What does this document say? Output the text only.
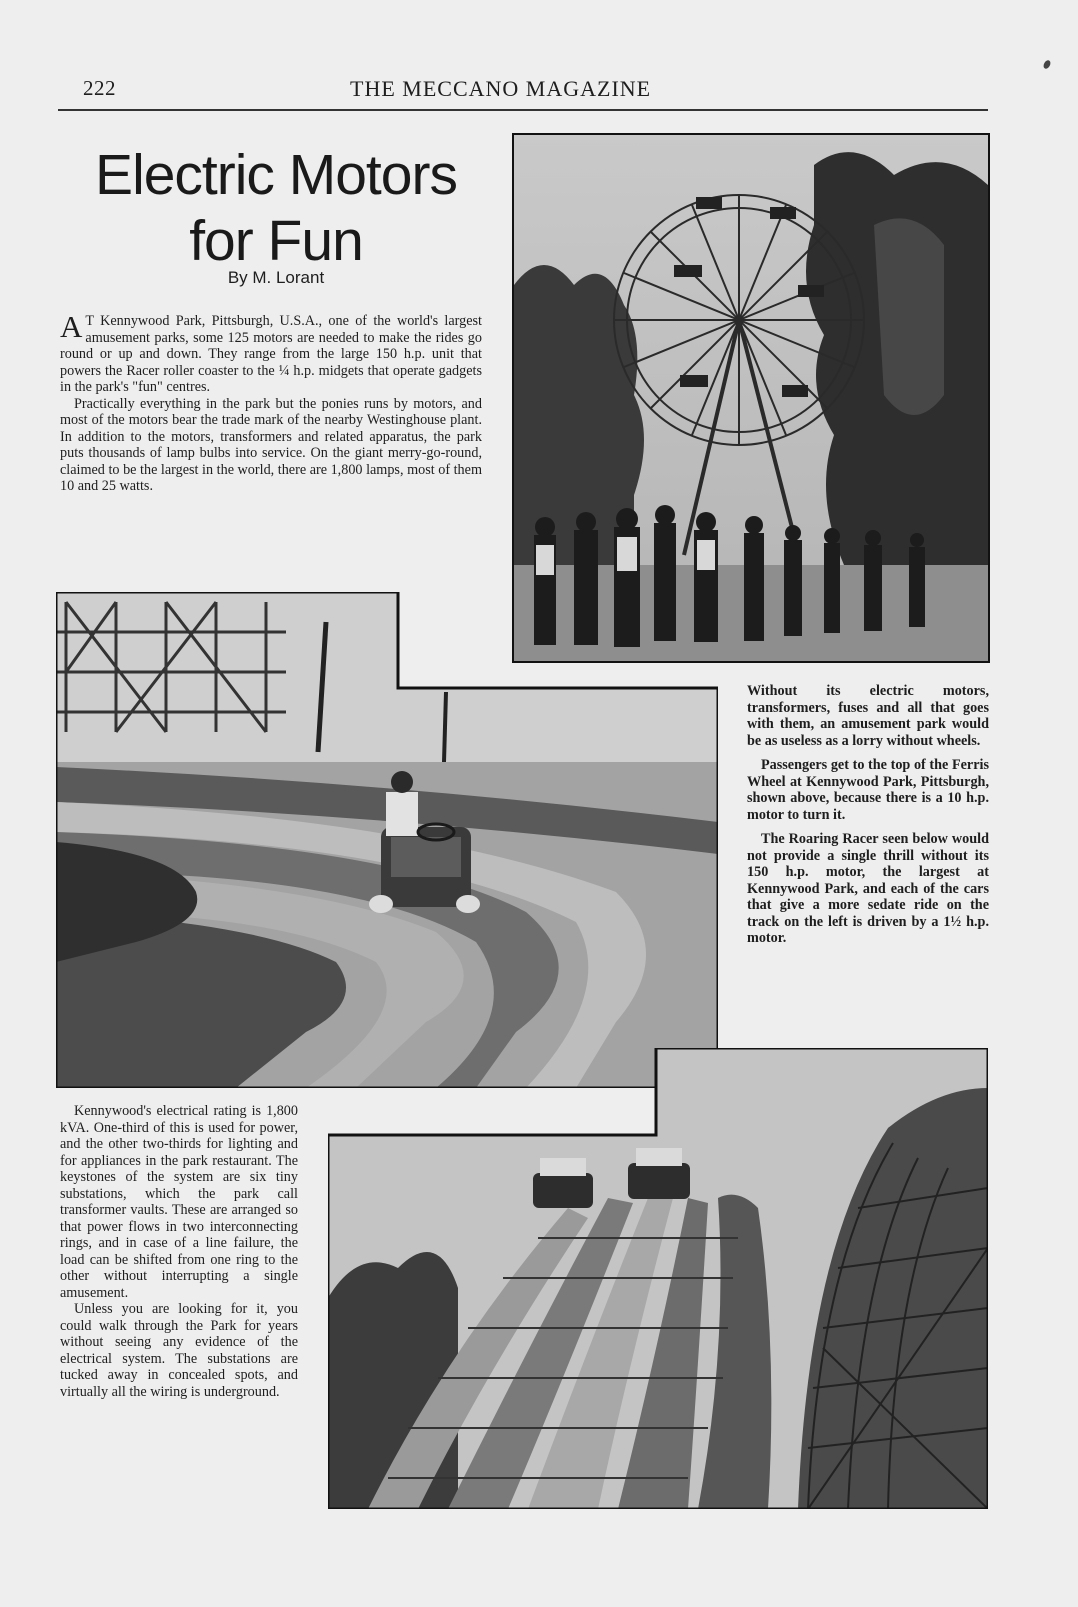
222	THE MECCANO MAGAZINE
Electric Motors
for Fun
By M. Lorant

A T Kennywood Park, Pittsburgh, U.S.A., one of the world's largest amusement parks, some 125 motors are needed to make the rides go round or up and down. They range from the large 150 h.p. unit that powers the Racer roller coaster to the ¼ h.p. midgets that operate gadgets in the park's "fun" centres.

Practically everything in the park but the ponies runs by motors, and most of the motors bear the trade mark of the nearby Westinghouse plant. In addition to the motors, transformers and related apparatus, the park puts thousands of lamp bulbs into service. On the giant merry-go-round, claimed to be the largest in the world, there are 1,800 lamps, most of them 10 and 25 watts.

Without its electric motors, transformers, fuses and all that goes with them, an amusement park would be as useless as a lorry without wheels.

Passengers get to the top of the Ferris Wheel at Kennywood Park, Pittsburgh, shown above, because there is a 10 h.p. motor to turn it.

The Roaring Racer seen below would not provide a single thrill without its 150 h.p. motor, the largest at Kennywood Park, and each of the cars that give a more sedate ride on the track on the left is driven by a 1½ h.p. motor.

Kennywood's electrical rating is 1,800 kVA. One-third of this is used for power, and the other two-thirds for lighting and for appliances in the park restaurant. The keystones of the system are six tiny substations, which the park call transformer vaults. These are arranged so that power flows in two interconnecting rings, and in case of a line failure, the load can be shifted from one ring to the other without interrupting a single amusement.

Unless you are looking for it, you could walk through the Park for years without seeing any evidence of the electrical system. The substations are tucked away in concealed spots, and virtually all the wiring is underground.
